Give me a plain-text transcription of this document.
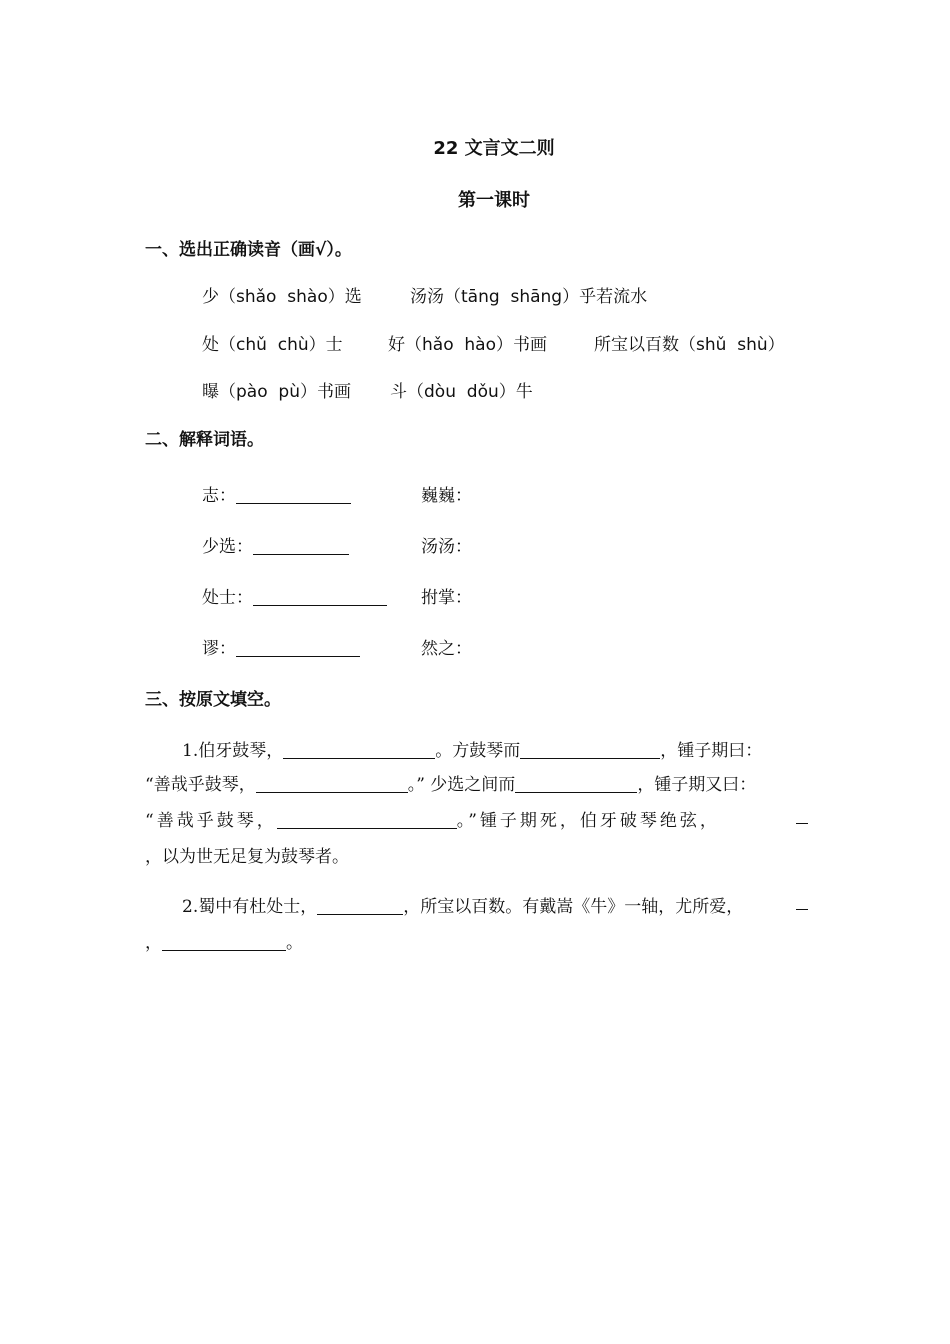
22 文言文二则
第一课时
一、选出正确读音（画√）。
少（shǎo shào）选	汤汤（tāng shāng）乎若流水
处（chǔ chù）士	好（hǎo hào）书画	所宝以百数（shǔ shù）
曝（pào pù）书画 斗（dòu dǒu）牛
二、解释词语。
志：	巍巍：
少选：	汤汤：
处士：	拊掌：
谬：	然之：
三、按原文填空。
1.伯牙鼓琴，	。方鼓琴而	，锺子期曰：
“善哉乎鼓琴，	。” 少选之间而	，锺子期又曰：
“善哉乎鼓琴，	。”锺子期死，伯牙破琴绝弦，
，以为世无足复为鼓琴者。
2.蜀中有杜处士，	，所宝以百数。有戴嵩《牛》一轴，尤所爱，
，	。
